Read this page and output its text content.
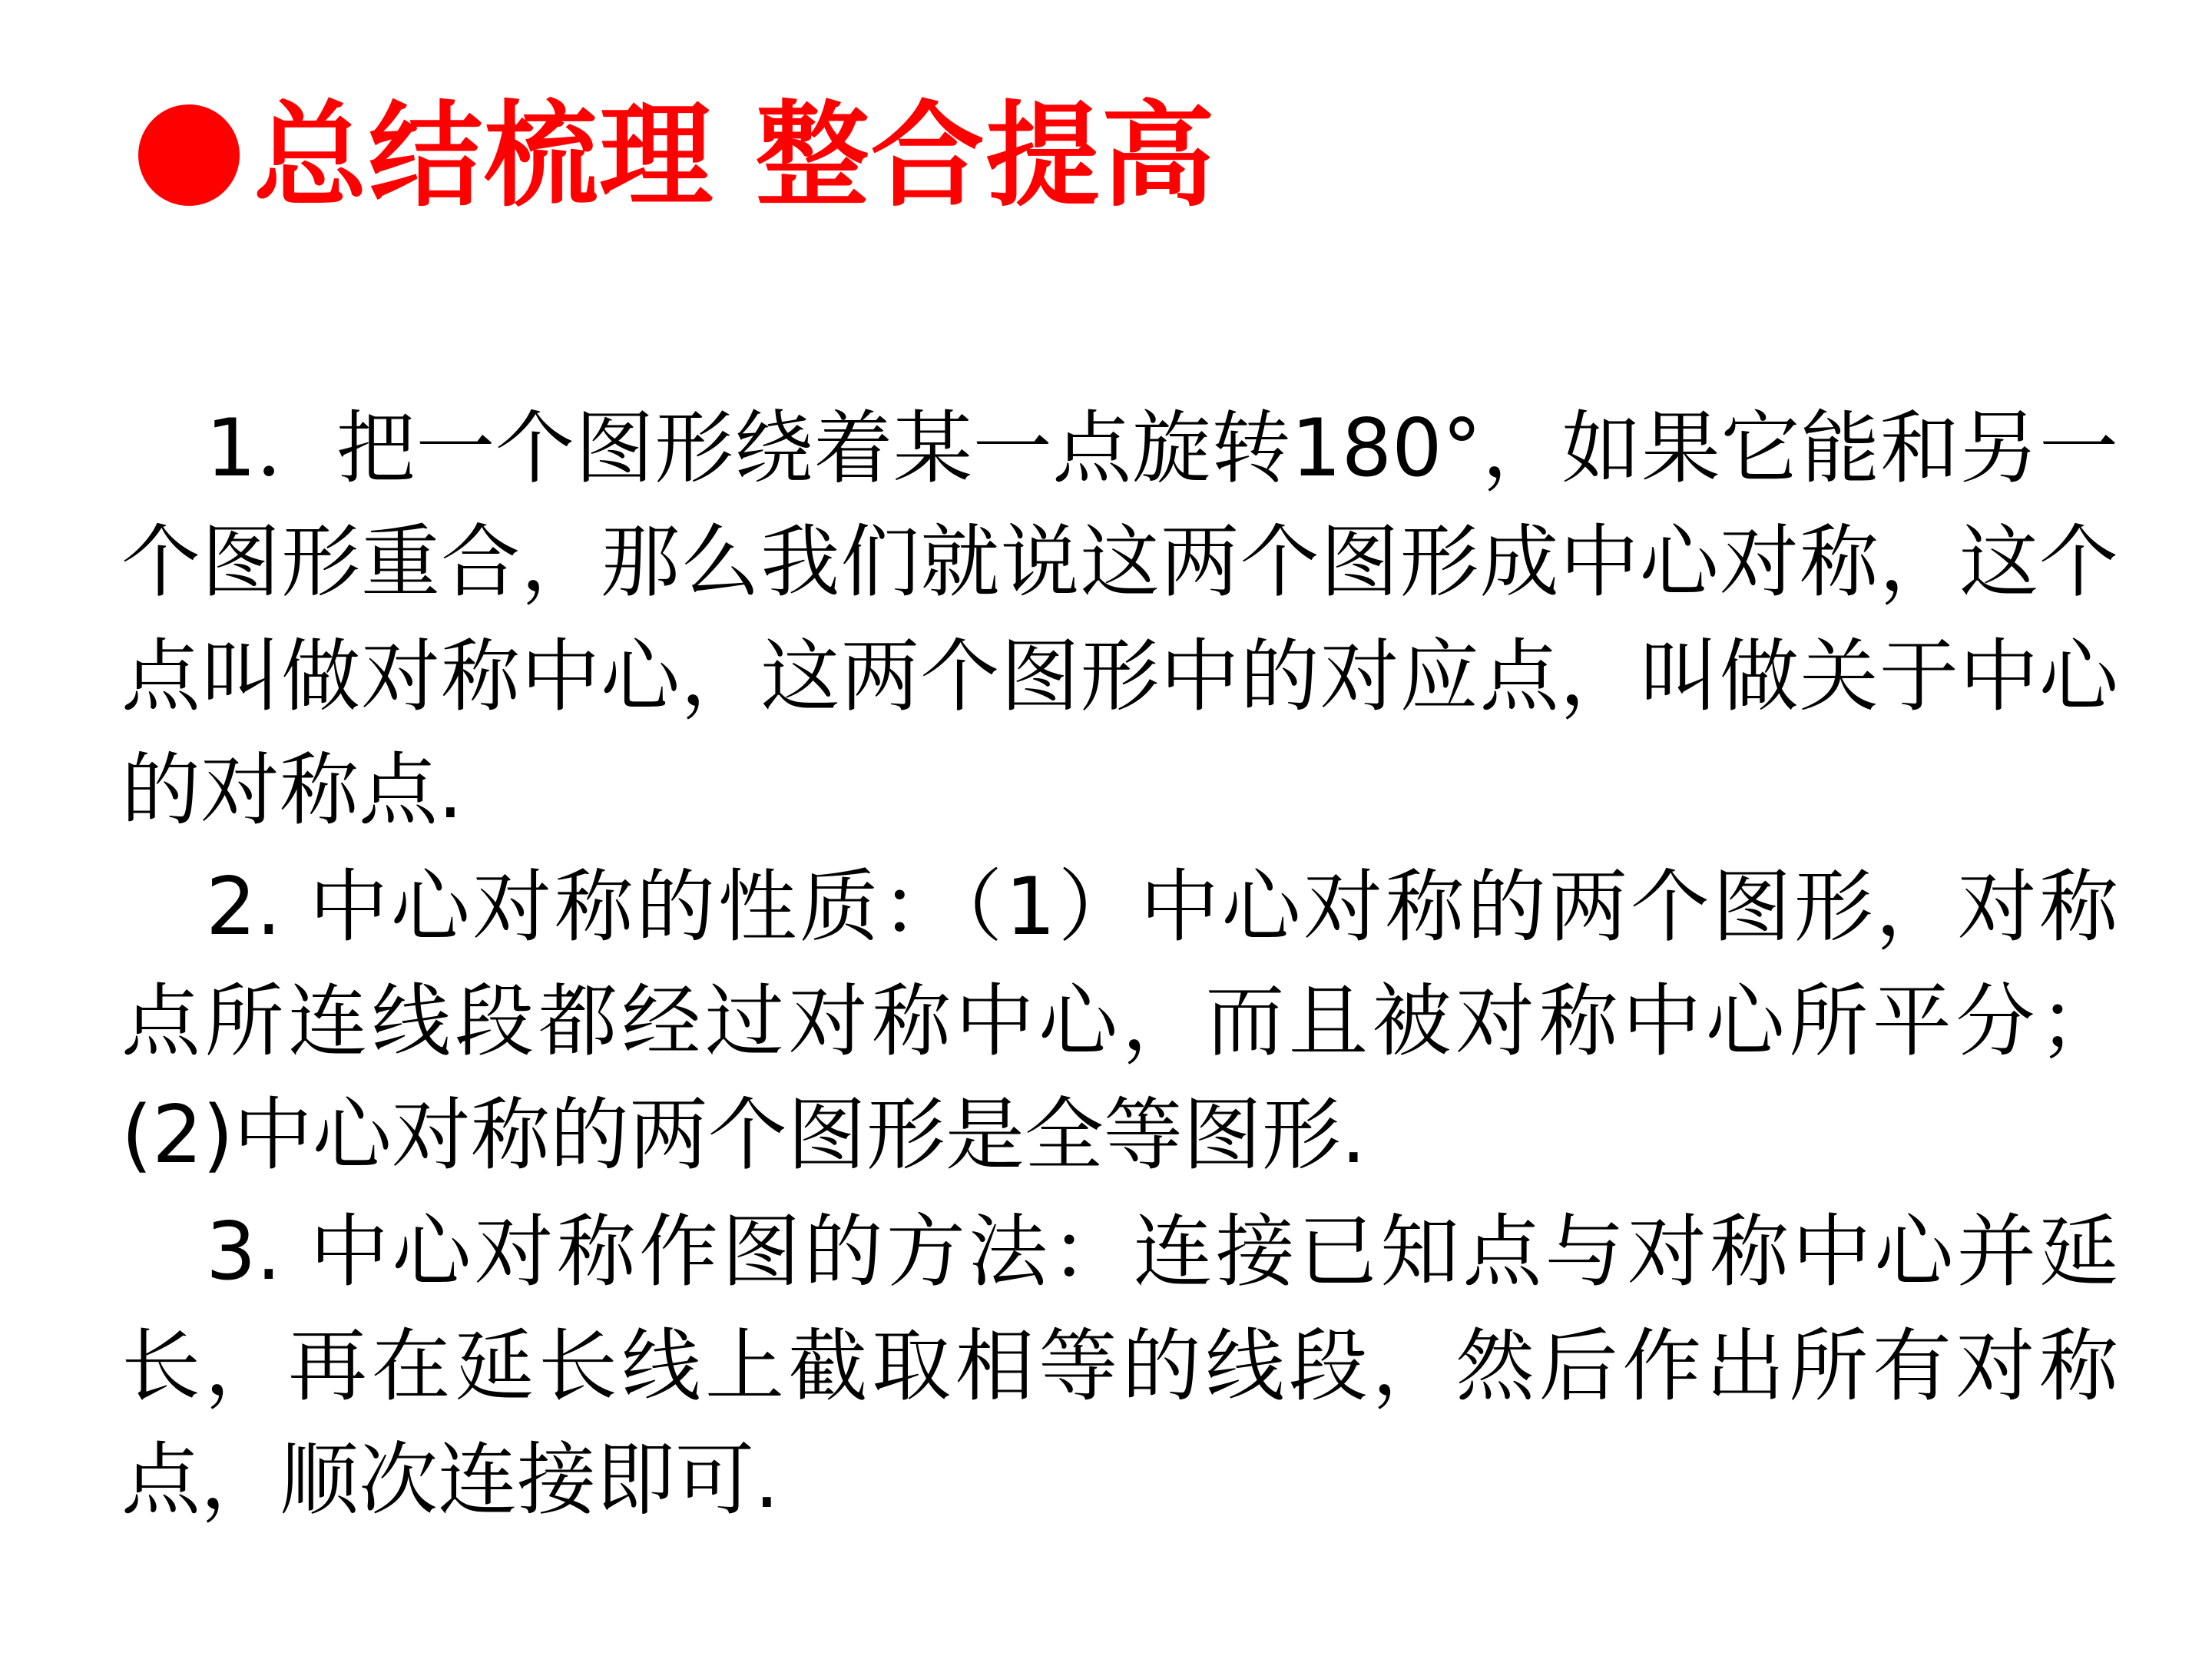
总结梳理 整合提高

1．把一个图形绕着某一点旋转180°，如果它能和另一个图形重合，那么我们就说这两个图形成中心对称，这个点叫做对称中心，这两个图形中的对应点，叫做关于中心的对称点.

2. 中心对称的性质：（1）中心对称的两个图形，对称点所连线段都经过对称中心，而且被对称中心所平分；(2)中心对称的两个图形是全等图形.

3. 中心对称作图的方法：连接已知点与对称中心并延长，再在延长线上截取相等的线段，然后作出所有对称点，顺次连接即可.
